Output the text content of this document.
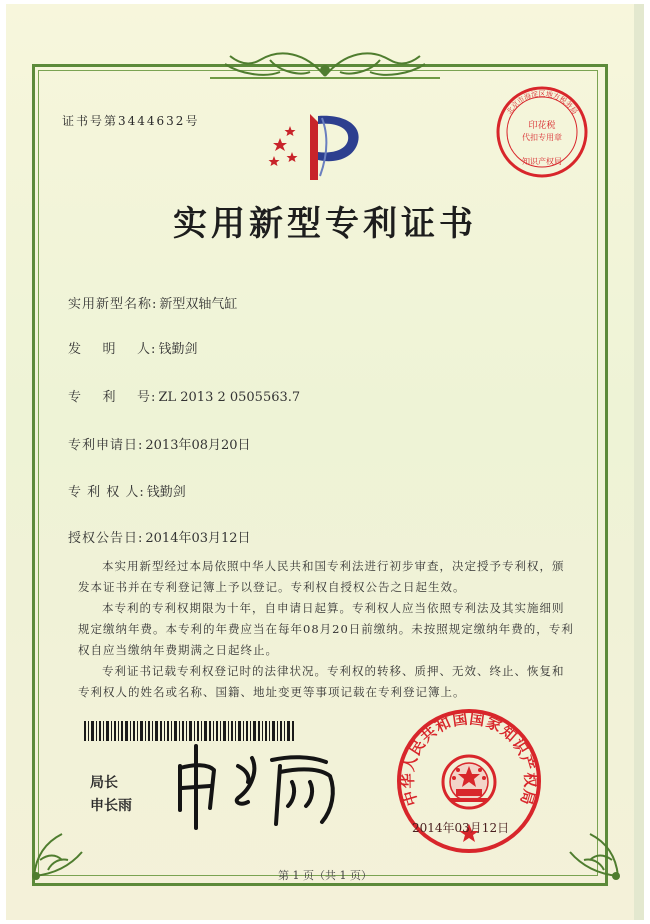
证书号第3444632号	印花税
代扣专用章
北京市海淀区地方税务局
知识产权局
实用新型专利证书
实用新型名称: 新型双轴气缸
发    明    人: 钱勤剑
专    利    号: ZL 2013 2 0505563.7
专利申请日: 2013年08月20日
专 利 权 人: 钱勤剑
授权公告日: 2014年03月12日

本实用新型经过本局依照中华人民共和国专利法进行初步审查，决定授予专利权，颁发本证书并在专利登记簿上予以登记。专利权自授权公告之日起生效。

本专利的专利权期限为十年，自申请日起算。专利权人应当依照专利法及其实施细则规定缴纳年费。本专利的年费应当在每年08月20日前缴纳。未按照规定缴纳年费的，专利权自应当缴纳年费期满之日起终止。

专利证书记载专利权登记时的法律状况。专利权的转移、质押、无效、终止、恢复和专利权人的姓名或名称、国籍、地址变更等事项记载在专利登记簿上。

局长
申长雨	中华人民共和国国家知识产权局
2014年03月12日
第 1 页（共 1 页）
